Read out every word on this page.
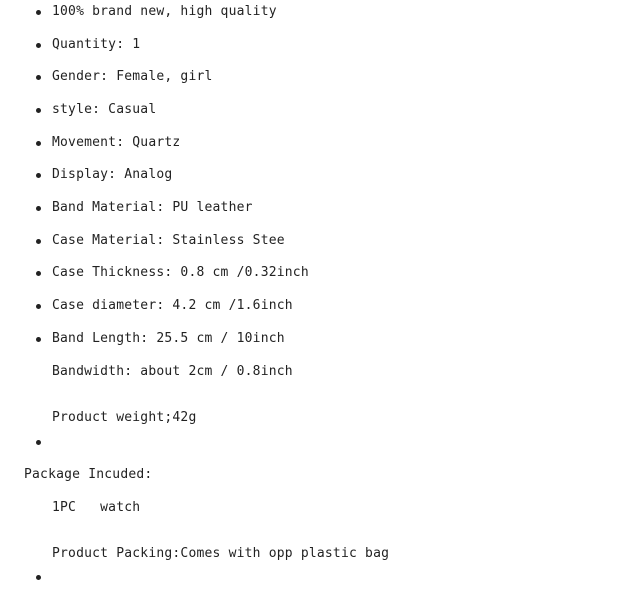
100% brand new, high quality
Quantity: 1
Gender: Female, girl
style: Casual
Movement: Quartz
Display: Analog
Band Material: PU leather
Case Material: Stainless Stee
Case Thickness: 0.8 cm /0.32inch
Case diameter: 4.2 cm /1.6inch
Band Length: 25.5 cm / 10inch
Bandwidth: about 2cm / 0.8inch
Product weight;42g
Package Incuded:
1PC   watch
Product Packing:Comes with opp plastic bag
